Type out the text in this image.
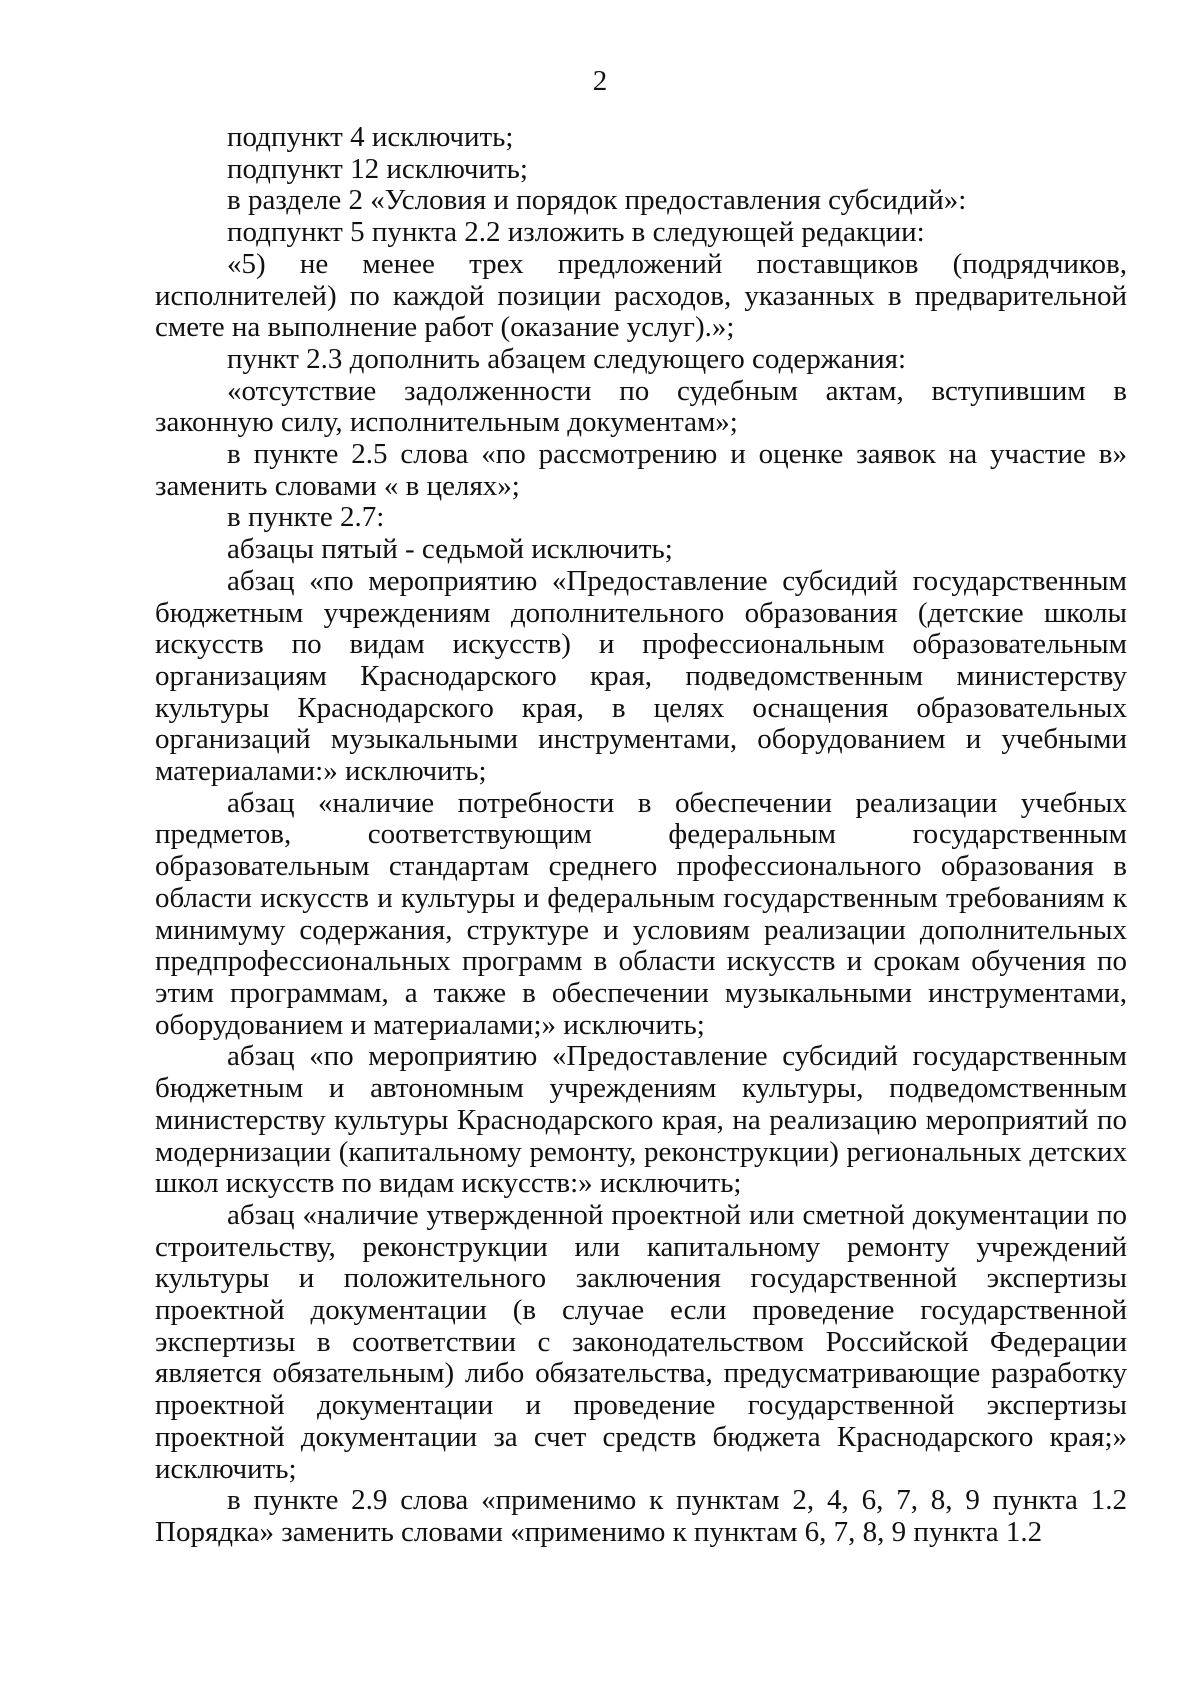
2

подпункт 4 исключить;

подпункт 12 исключить;

в разделе 2 «Условия и порядок предоставления субсидий»:

подпункт 5 пункта 2.2 изложить в следующей редакции:

«5) не менее трех предложений поставщиков (подрядчиков, исполнителей) по каждой позиции расходов, указанных в предварительной смете на выполнение работ (оказание услуг).»;

пункт 2.3 дополнить абзацем следующего содержания:

«отсутствие задолженности по судебным актам, вступившим в законную силу, исполнительным документам»;

в пункте 2.5 слова «по рассмотрению и оценке заявок на участие в» заменить словами « в целях»;

в пункте 2.7:

абзацы пятый - седьмой исключить;

абзац «по мероприятию «Предоставление субсидий государственным бюджетным учреждениям дополнительного образования (детские школы искусств по видам искусств) и профессиональным образовательным организациям Краснодарского края, подведомственным министерству культуры Краснодарского края, в целях оснащения образовательных организаций музыкальными инструментами, оборудованием и учебными материалами:» исключить;

абзац «наличие потребности в обеспечении реализации учебных предметов, соответствующим федеральным государственным образовательным стандартам среднего профессионального образования в области искусств и культуры и федеральным государственным требованиям к минимуму содержания, структуре и условиям реализации дополнительных предпрофессиональных программ в области искусств и срокам обучения по этим программам, а также в обеспечении музыкальными инструментами, оборудованием и материалами;» исключить;

абзац «по мероприятию «Предоставление субсидий государственным бюджетным и автономным учреждениям культуры, подведомственным министерству культуры Краснодарского края, на реализацию мероприятий по модернизации (капитальному ремонту, реконструкции) региональных детских школ искусств по видам искусств:» исключить;

абзац «наличие утвержденной проектной или сметной документации по строительству, реконструкции или капитальному ремонту учреждений культуры и положительного заключения государственной экспертизы проектной документации (в случае если проведение государственной экспертизы в соответствии с законодательством Российской Федерации является обязательным) либо обязательства, предусматривающие разработку проектной документации и проведение государственной экспертизы проектной документации за счет средств бюджета Краснодарского края;» исключить;

в пункте 2.9 слова «применимо к пунктам 2, 4, 6, 7, 8, 9 пункта 1.2 Порядка» заменить словами «применимо к пунктам 6, 7, 8, 9 пункта 1.2
